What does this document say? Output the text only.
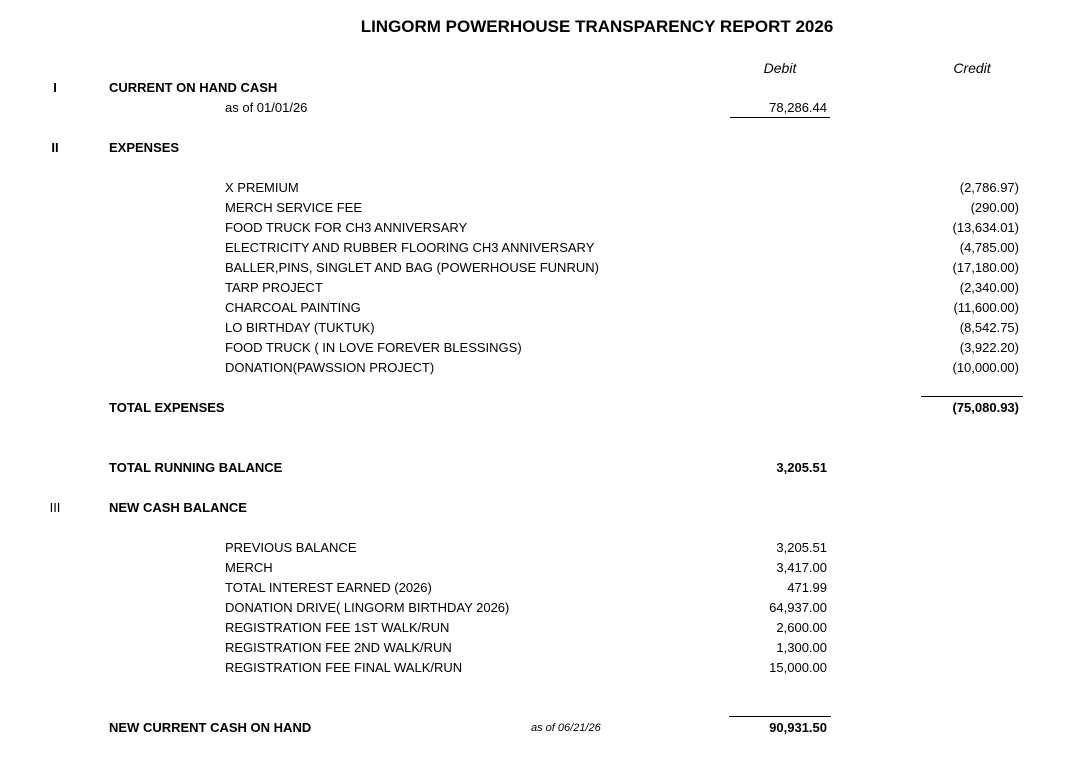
LINGORM POWERHOUSE TRANSPARENCY REPORT 2026
Debit	Credit
I	CURRENT ON HAND CASH
as of 01/01/26	78,286.44
II	EXPENSES
X PREMIUM	(2,786.97)
MERCH SERVICE FEE	(290.00)
FOOD TRUCK FOR CH3 ANNIVERSARY	(13,634.01)
ELECTRICITY AND RUBBER FLOORING CH3 ANNIVERSARY	(4,785.00)
BALLER,PINS, SINGLET AND BAG (POWERHOUSE FUNRUN)	(17,180.00)
TARP PROJECT	(2,340.00)
CHARCOAL PAINTING	(11,600.00)
LO BIRTHDAY (TUKTUK)	(8,542.75)
FOOD TRUCK ( IN LOVE FOREVER BLESSINGS)	(3,922.20)
DONATION(PAWSSION PROJECT)	(10,000.00)
TOTAL EXPENSES	(75,080.93)
TOTAL RUNNING BALANCE	3,205.51
III	NEW CASH BALANCE
PREVIOUS BALANCE	3,205.51
MERCH	3,417.00
TOTAL INTEREST EARNED (2026)	471.99
DONATION DRIVE( LINGORM BIRTHDAY 2026)	64,937.00
REGISTRATION FEE 1ST WALK/RUN	2,600.00
REGISTRATION FEE 2ND WALK/RUN	1,300.00
REGISTRATION FEE FINAL WALK/RUN	15,000.00
NEW CURRENT CASH ON HAND	as of 06/21/26	90,931.50
